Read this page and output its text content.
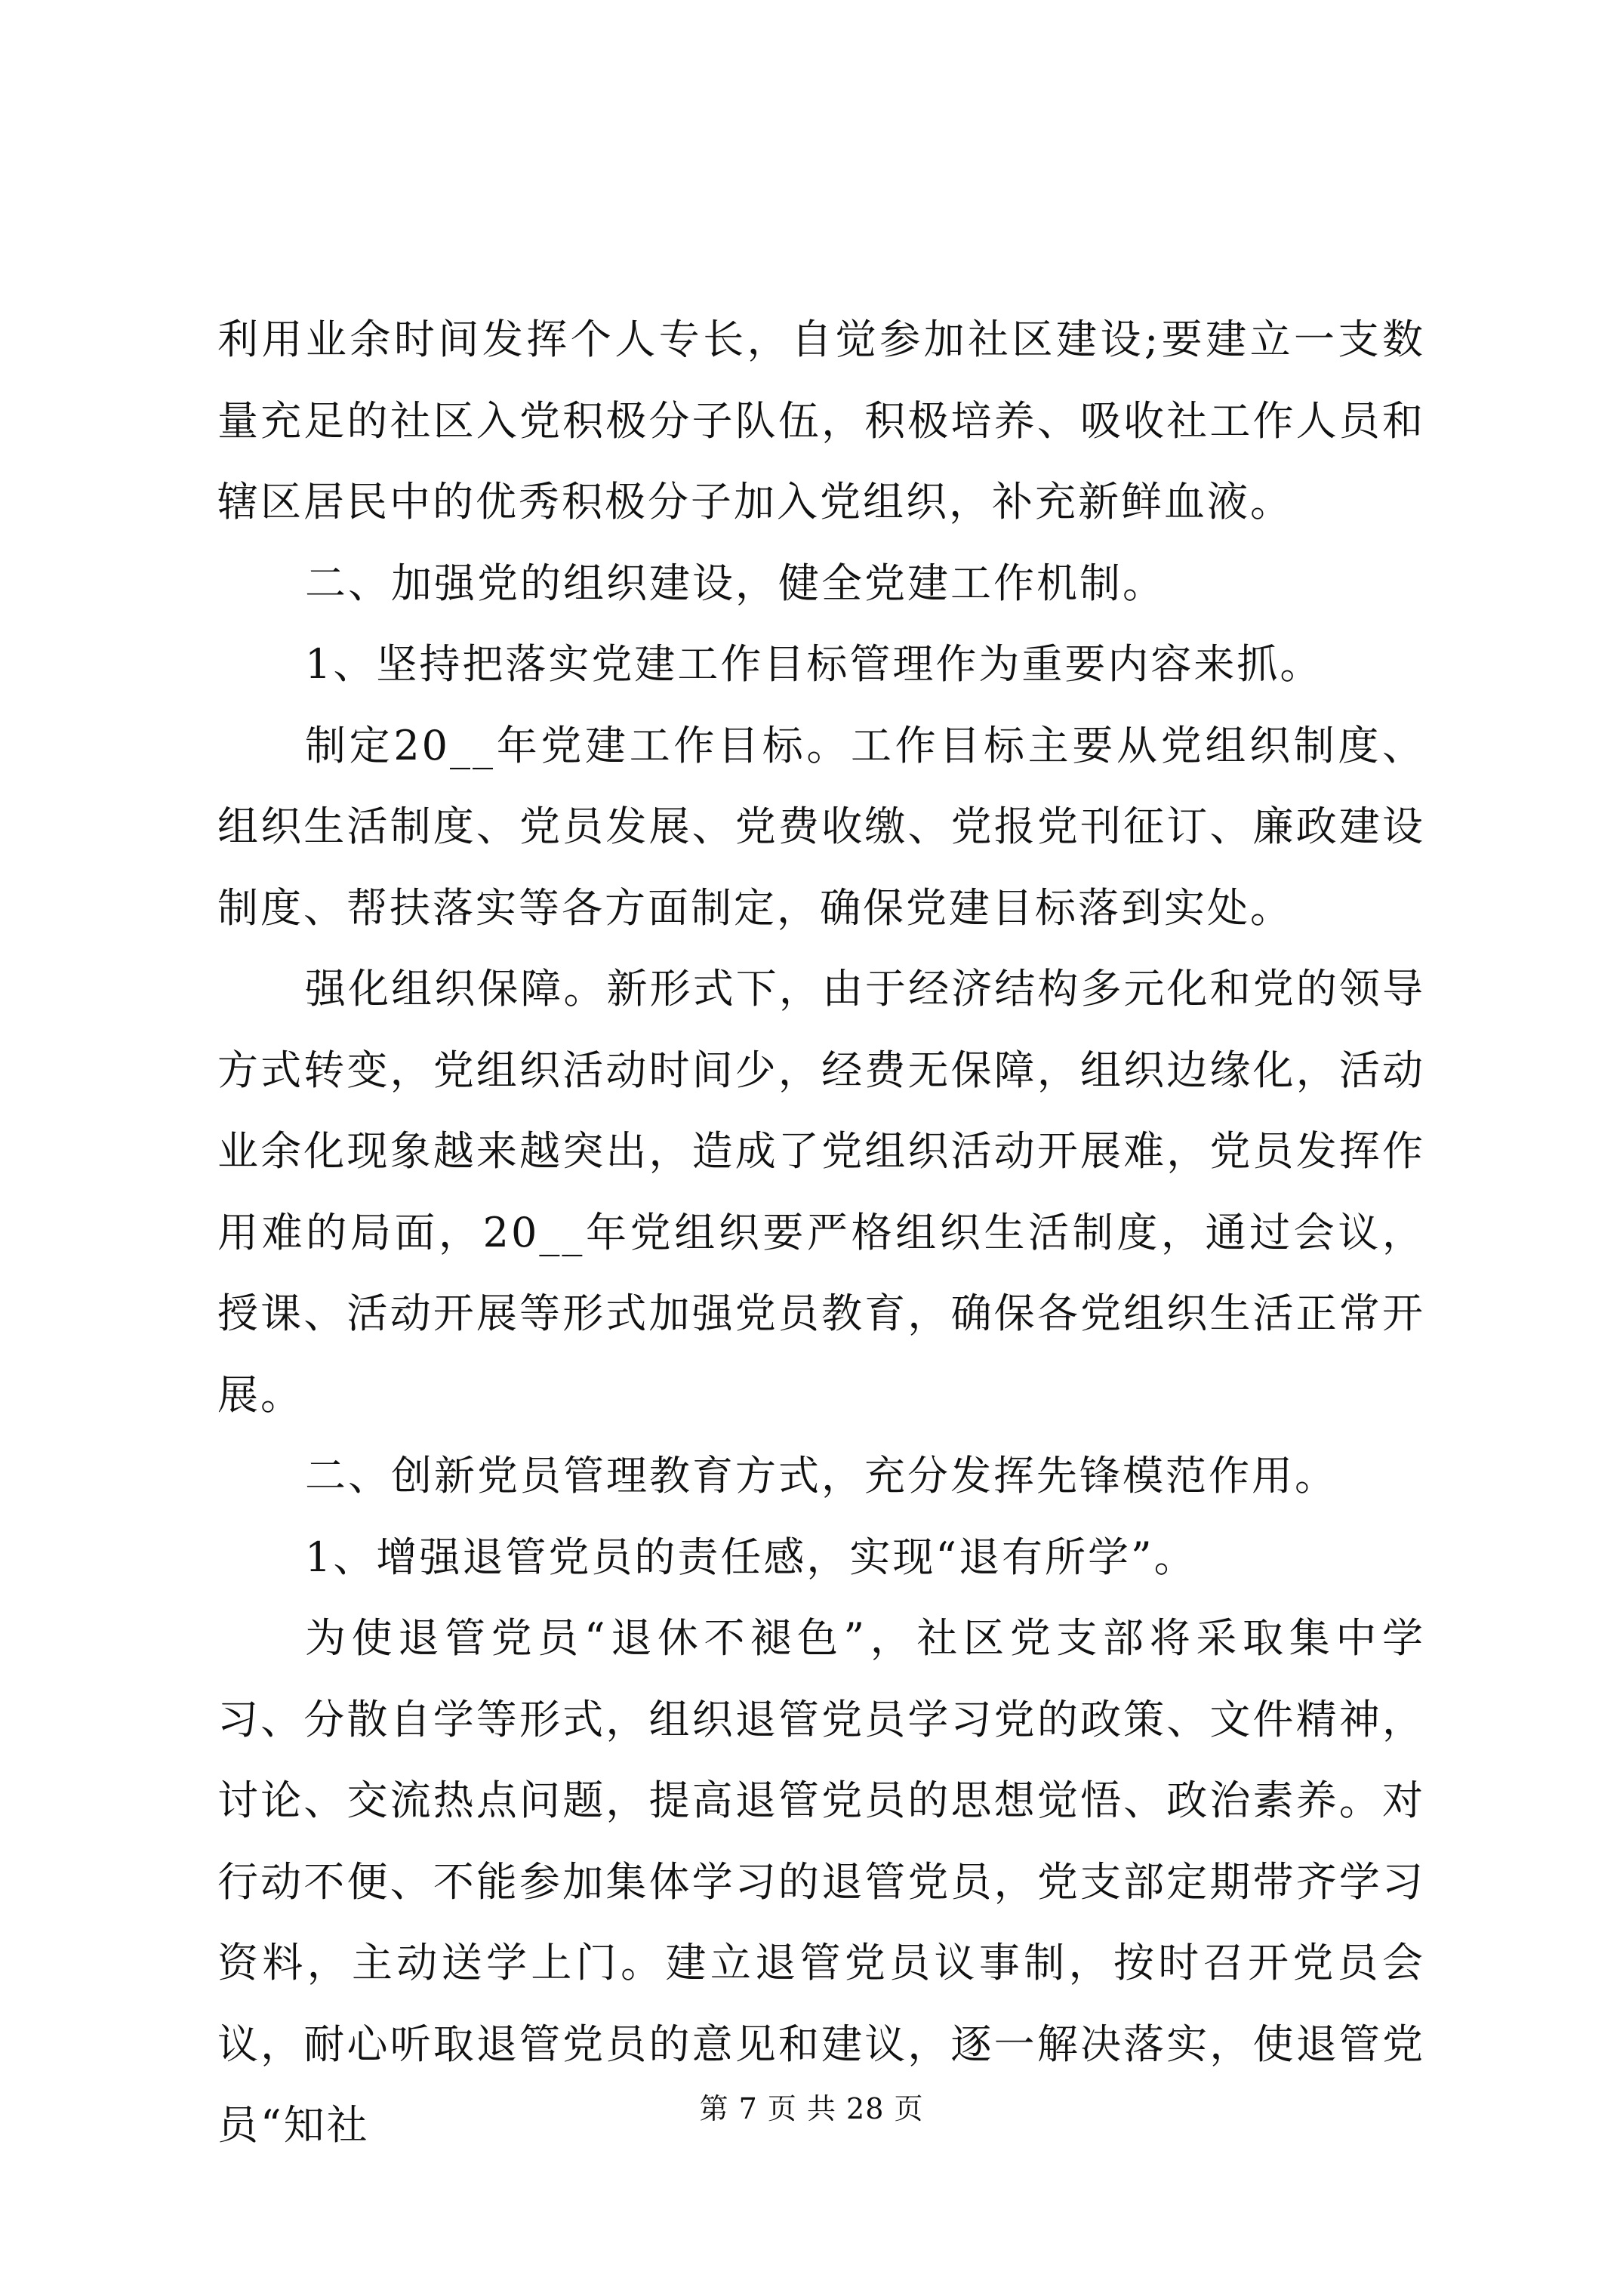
利用业余时间发挥个人专长，自觉参加社区建设;要建立一支数量充足的社区入党积极分子队伍，积极培养、吸收社工作人员和辖区居民中的优秀积极分子加入党组织，补充新鲜血液。

二、加强党的组织建设，健全党建工作机制。

1、坚持把落实党建工作目标管理作为重要内容来抓。

制定20__年党建工作目标。工作目标主要从党组织制度、组织生活制度、党员发展、党费收缴、党报党刊征订、廉政建设制度、帮扶落实等各方面制定，确保党建目标落到实处。

强化组织保障。新形式下，由于经济结构多元化和党的领导方式转变，党组织活动时间少，经费无保障，组织边缘化，活动业余化现象越来越突出，造成了党组织活动开展难，党员发挥作用难的局面，20__年党组织要严格组织生活制度，通过会议，授课、活动开展等形式加强党员教育，确保各党组织生活正常开展。

二、创新党员管理教育方式，充分发挥先锋模范作用。

1、增强退管党员的责任感，实现“退有所学”。

为使退管党员“退休不褪色”，社区党支部将采取集中学习、分散自学等形式，组织退管党员学习党的政策、文件精神，讨论、交流热点问题，提高退管党员的思想觉悟、政治素养。对行动不便、不能参加集体学习的退管党员，党支部定期带齐学习资料，主动送学上门。建立退管党员议事制，按时召开党员会议，耐心听取退管党员的意见和建议，逐一解决落实，使退管党员“知社	第 7 页 共 28 页
